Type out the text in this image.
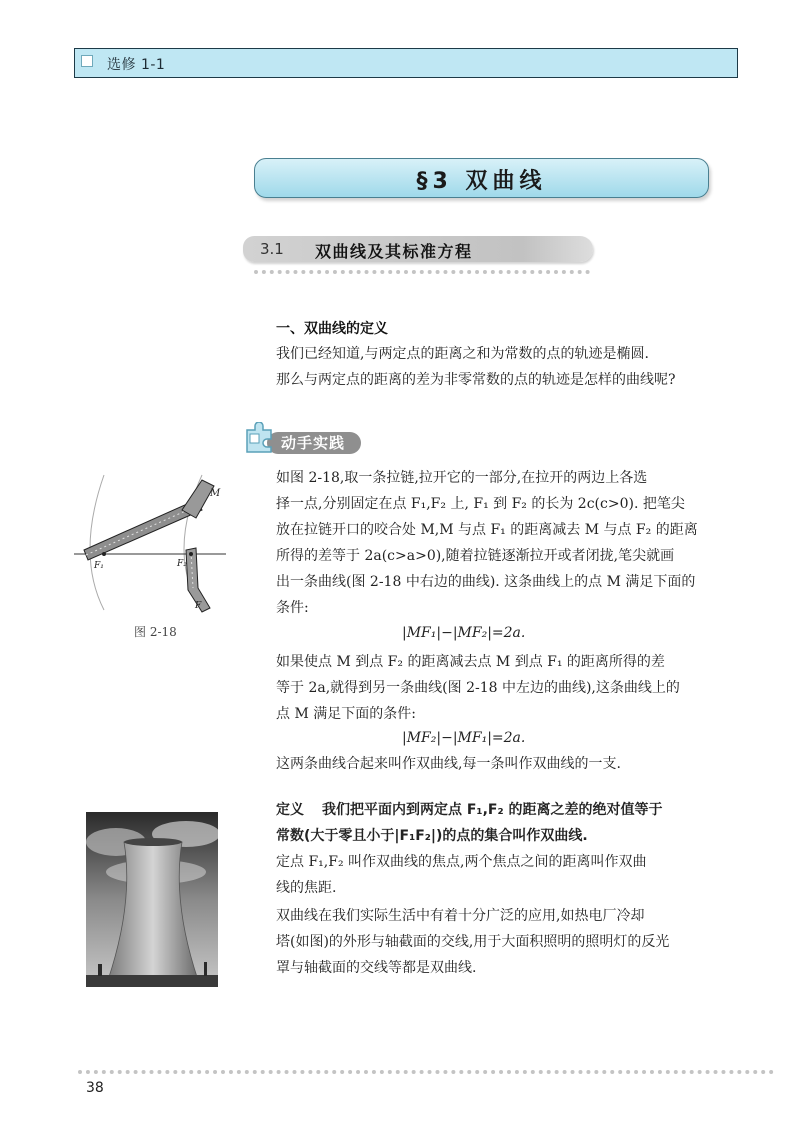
选修 1-1
§3 双曲线
3.1 双曲线及其标准方程
一、双曲线的定义
我们已经知道,与两定点的距离之和为常数的点的轨迹是椭圆.
那么与两定点的距离的差为非零常数的点的轨迹是怎样的曲线呢?
动手实践
M
F₁	F₂
F
图 2-18
如图 2-18,取一条拉链,拉开它的一部分,在拉开的两边上各选
择一点,分别固定在点 F₁,F₂ 上, F₁ 到 F₂ 的长为 2c(c>0). 把笔尖
放在拉链开口的咬合处 M,M 与点 F₁ 的距离减去 M 与点 F₂ 的距离
所得的差等于 2a(c>a>0),随着拉链逐渐拉开或者闭拢,笔尖就画
出一条曲线(图 2-18 中右边的曲线). 这条曲线上的点 M 满足下面的
条件:
|MF₁|−|MF₂|=2a.
如果使点 M 到点 F₂ 的距离减去点 M 到点 F₁ 的距离所得的差
等于 2a,就得到另一条曲线(图 2-18 中左边的曲线),这条曲线上的
点 M 满足下面的条件:
|MF₂|−|MF₁|=2a.
这两条曲线合起来叫作双曲线,每一条叫作双曲线的一支.
定义 我们把平面内到两定点 F₁,F₂ 的距离之差的绝对值等于
常数(大于零且小于|F₁F₂|)的点的集合叫作双曲线.
定点 F₁,F₂ 叫作双曲线的焦点,两个焦点之间的距离叫作双曲
线的焦距.
双曲线在我们实际生活中有着十分广泛的应用,如热电厂冷却
塔(如图)的外形与轴截面的交线,用于大面积照明的照明灯的反光
罩与轴截面的交线等都是双曲线.
38
